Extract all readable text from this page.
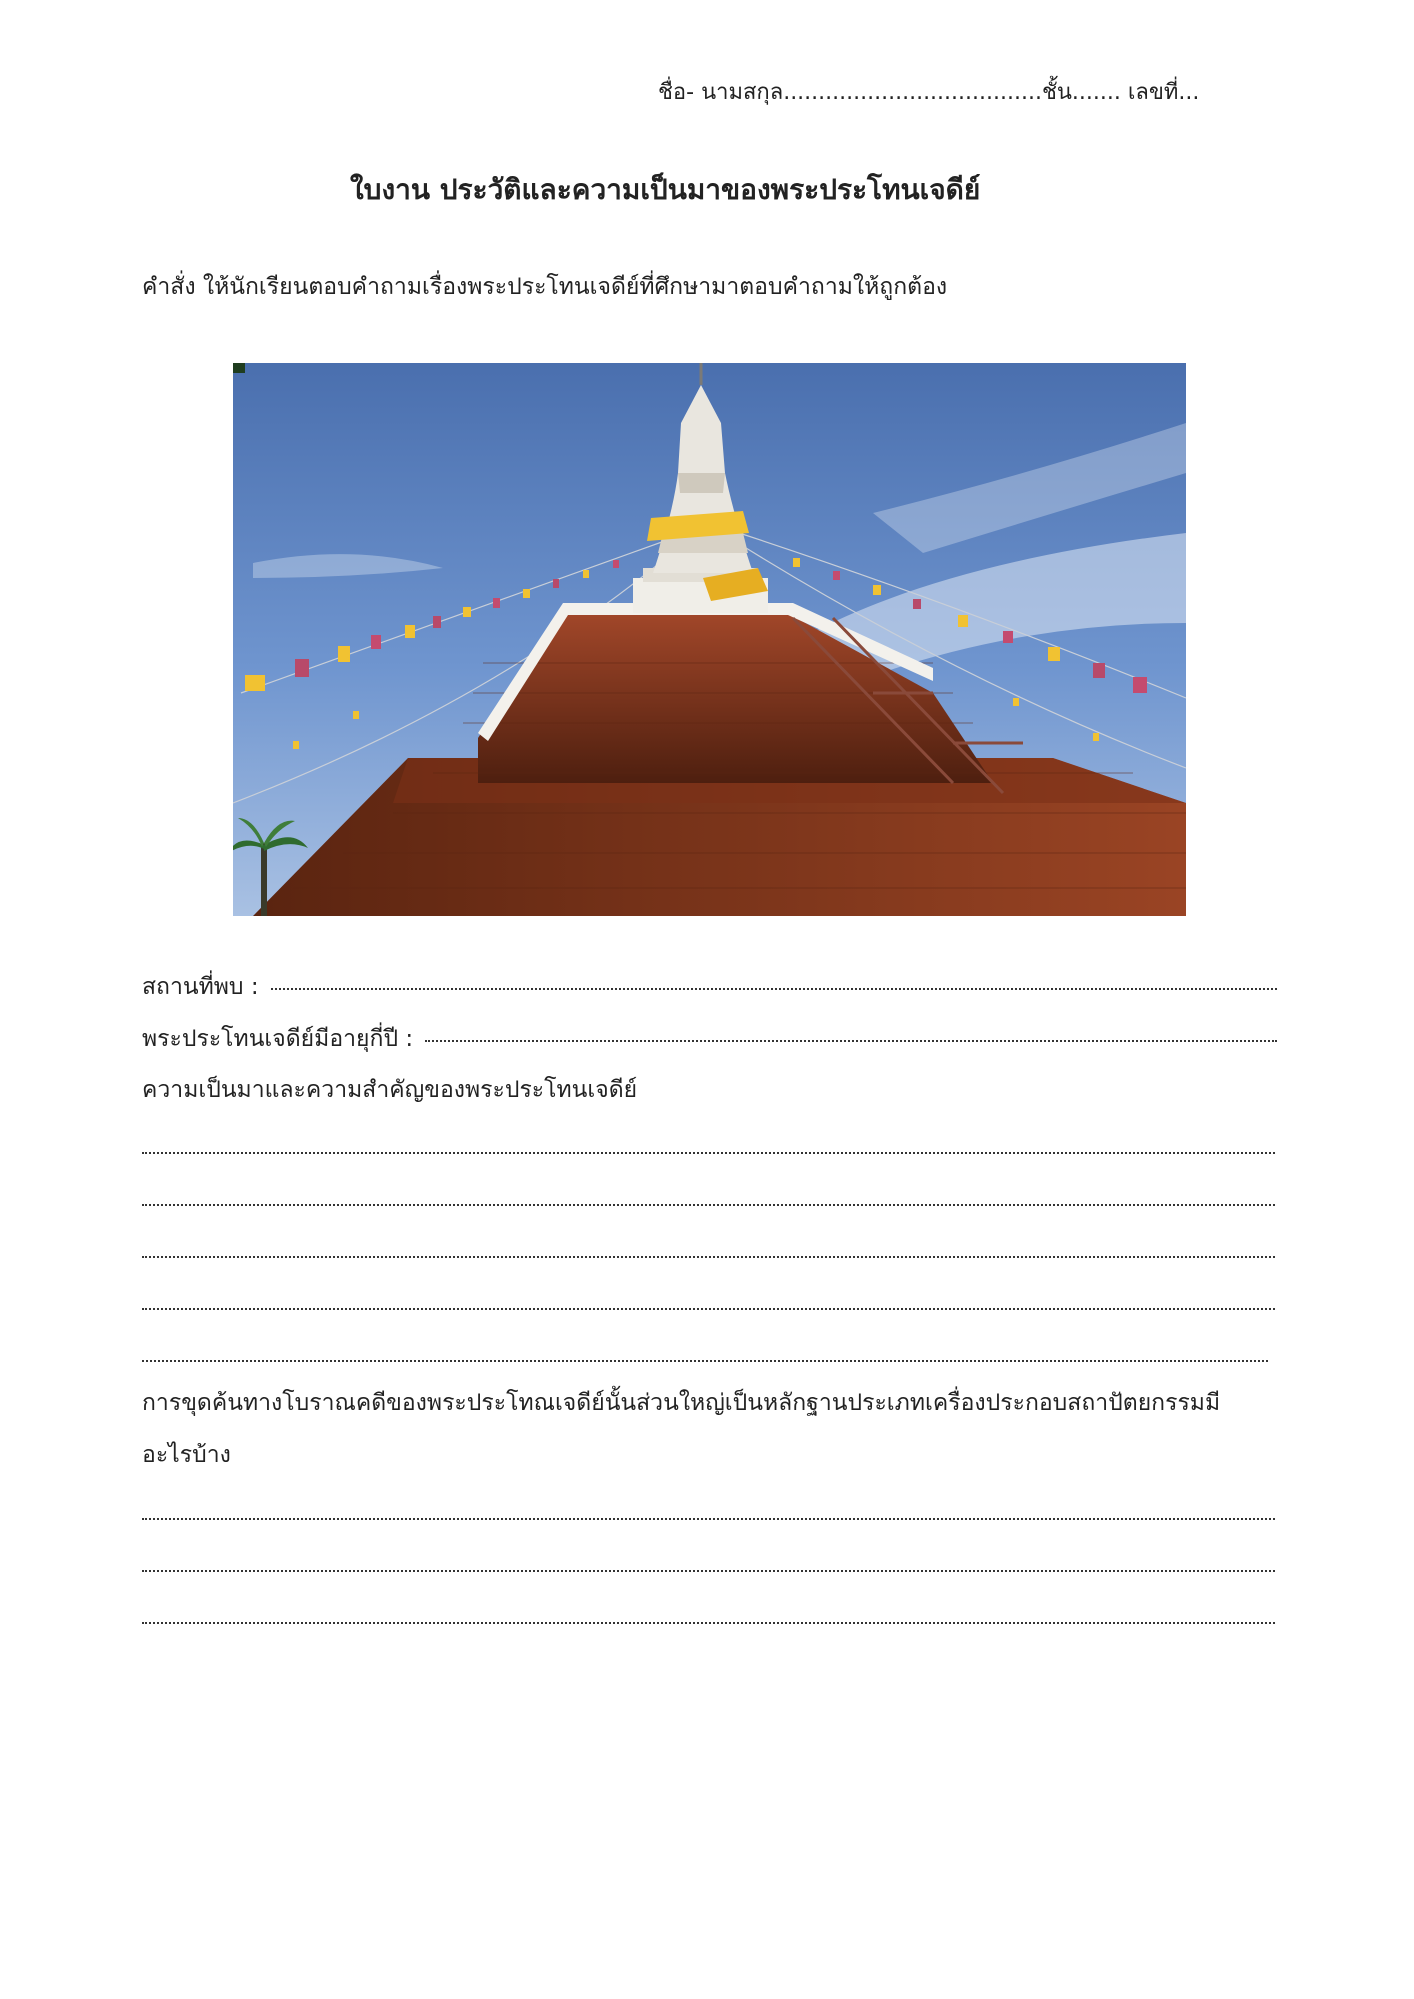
ชื่อ- นามสกุล.....................................ชั้น....... เลขที่...
ใบงาน ประวัติและความเป็นมาของพระประโทนเจดีย์
คำสั่ง ให้นักเรียนตอบคำถามเรื่องพระประโทนเจดีย์ที่ศึกษามาตอบคำถามให้ถูกต้อง
สถานที่พบ :
พระประโทนเจดีย์มีอายุกี่ปี :
ความเป็นมาและความสำคัญของพระประโทนเจดีย์
การขุดค้นทางโบราณคดีของพระประโทณเจดีย์นั้นส่วนใหญ่เป็นหลักฐานประเภทเครื่องประกอบสถาปัตยกรรมมี
อะไรบ้าง
